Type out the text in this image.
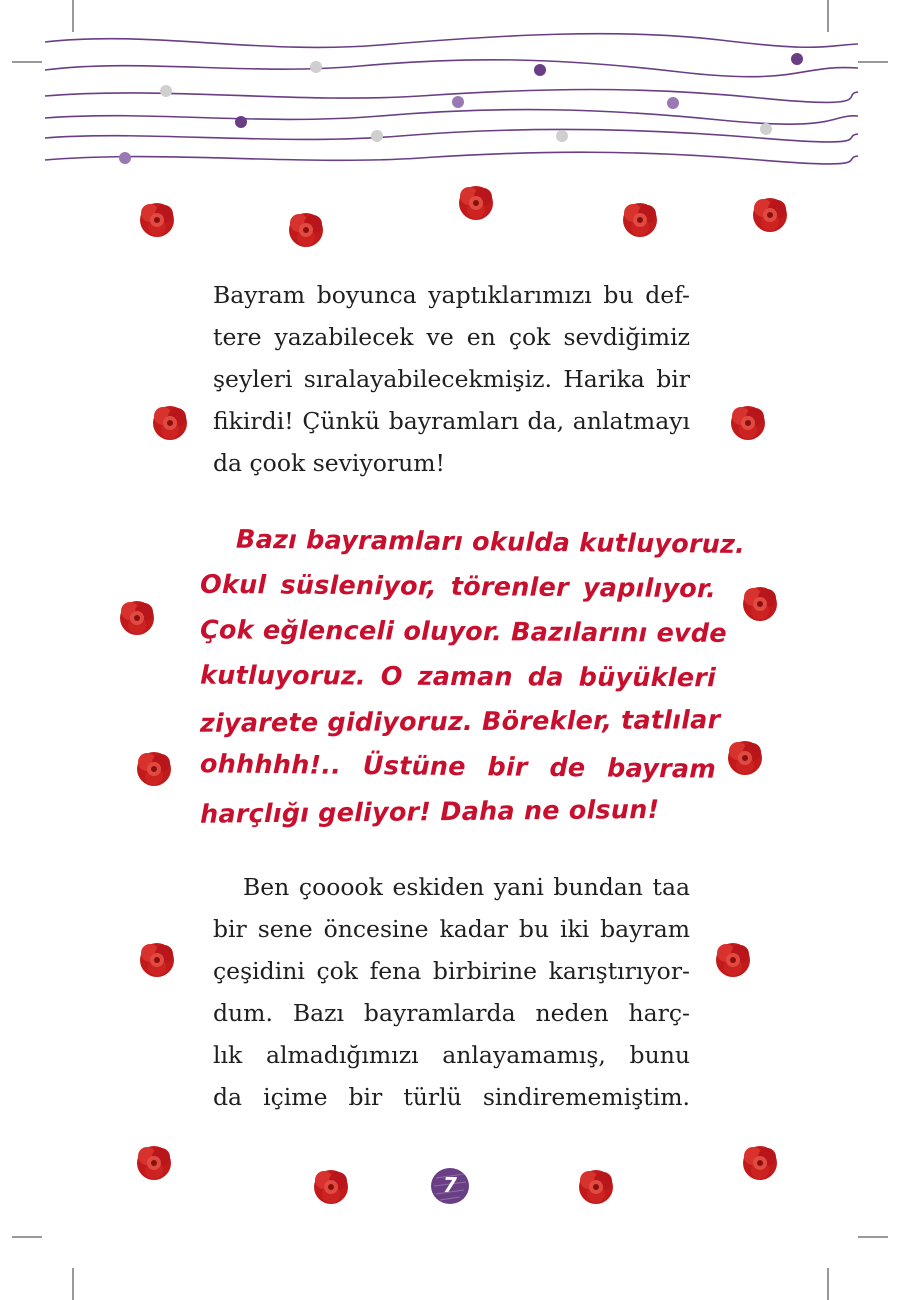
Bayram boyunca yaptıklarımızı bu def-
tere yazabilecek ve en çok sevdiğimiz
şeyleri sıralayabilecekmişiz. Harika bir
fikirdi! Çünkü bayramları da, anlatmayı
da çook seviyorum!
Bazı bayramları okulda kutluyoruz.
Okul süsleniyor, törenler yapılıyor.
Çok eğlenceli oluyor. Bazılarını evde
kutluyoruz. O zaman da büyükleri
ziyarete gidiyoruz. Börekler, tatlılar
ohhhhh!.. Üstüne bir de bayram
harçlığı geliyor! Daha ne olsun!
Ben çooook eskiden yani bundan taa
bir sene öncesine kadar bu iki bayram
çeşidini çok fena birbirine karıştırıyor-
dum. Bazı bayramlarda neden harç-
lık almadığımızı anlayamamış, bunu
da içime bir türlü sindirememiştim.
7
